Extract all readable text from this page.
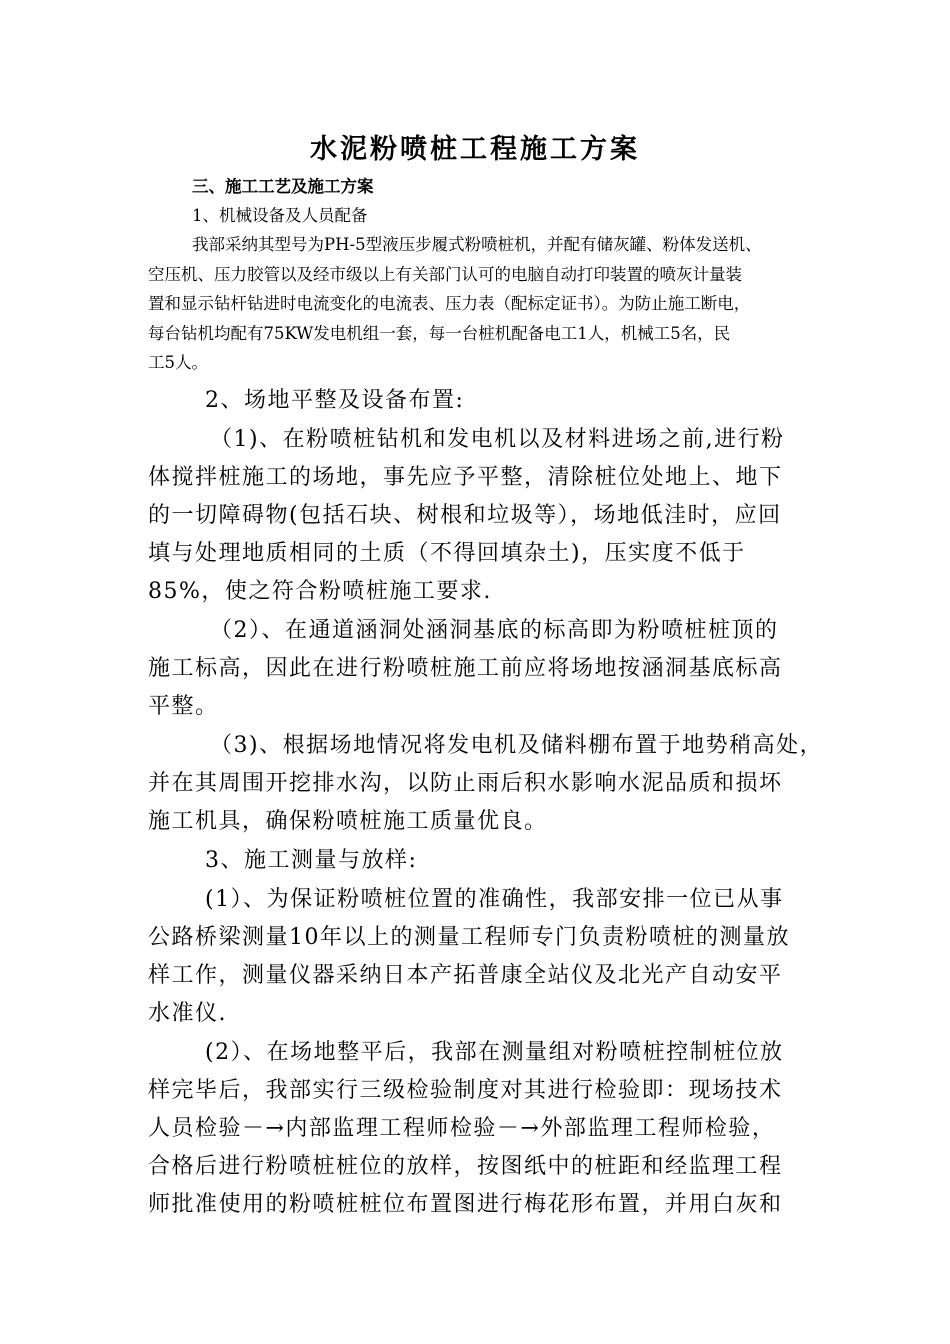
水泥粉喷桩工程施工方案
三、施工工艺及施工方案
1、机械设备及人员配备
我部采纳其型号为PH-5型液压步履式粉喷桩机，并配有储灰罐、粉体发送机、
空压机、压力胶管以及经市级以上有关部门认可的电脑自动打印装置的喷灰计量装
置和显示钻杆钻进时电流变化的电流表、压力表（配标定证书）。为防止施工断电，
每台钻机均配有75KW发电机组一套，每一台桩机配备电工1人，机械工5名，民
工5人。
2、场地平整及设备布置:
（1)、在粉喷桩钻机和发电机以及材料进场之前,进行粉
体搅拌桩施工的场地，事先应予平整，清除桩位处地上、地下
的一切障碍物(包括石块、树根和垃圾等），场地低洼时，应回
填与处理地质相同的土质（不得回填杂土)，压实度不低于
85%，使之符合粉喷桩施工要求.
（2）、在通道涵洞处涵洞基底的标高即为粉喷桩桩顶的
施工标高，因此在进行粉喷桩施工前应将场地按涵洞基底标高
平整。
（3)、根据场地情况将发电机及储料棚布置于地势稍高处，
并在其周围开挖排水沟，以防止雨后积水影响水泥品质和损坏
施工机具，确保粉喷桩施工质量优良。
3、施工测量与放样:
(1）、为保证粉喷桩位置的准确性，我部安排一位已从事
公路桥梁测量10年以上的测量工程师专门负责粉喷桩的测量放
样工作，测量仪器采纳日本产拓普康全站仪及北光产自动安平
水准仪.
(2）、在场地整平后，我部在测量组对粉喷桩控制桩位放
样完毕后，我部实行三级检验制度对其进行检验即：现场技术
人员检验－→内部监理工程师检验－→外部监理工程师检验，
合格后进行粉喷桩桩位的放样，按图纸中的桩距和经监理工程
师批准使用的粉喷桩桩位布置图进行梅花形布置，并用白灰和
